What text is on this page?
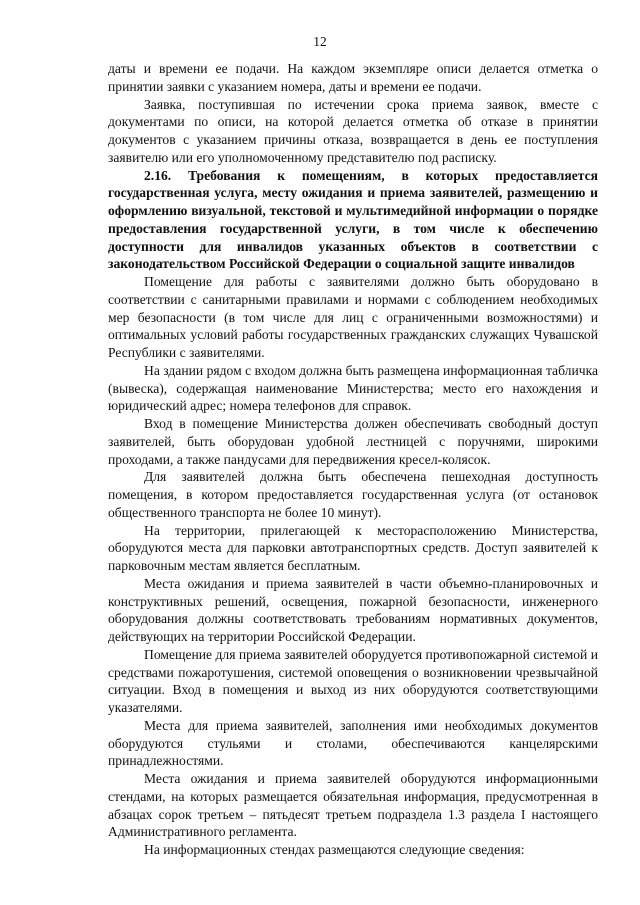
12

даты и времени ее подачи. На каждом экземпляре описи делается отметка о принятии заявки с указанием номера, даты и времени ее подачи.

Заявка, поступившая по истечении срока приема заявок, вместе с документами по описи, на которой делается отметка об отказе в принятии документов с указанием причины отказа, возвращается в день ее поступления заявителю или его уполномоченному представителю под расписку.

2.16. Требования к помещениям, в которых предоставляется государственная услуга, месту ожидания и приема заявителей, размещению и оформлению визуальной, текстовой и мультимедийной информации о порядке предоставления государственной услуги, в том числе к обеспечению доступности для инвалидов указанных объектов в соответствии с законодательством Российской Федерации о социальной защите инвалидов

Помещение для работы с заявителями должно быть оборудовано в соответствии с санитарными правилами и нормами с соблюдением необходимых мер безопасности (в том числе для лиц с ограниченными возможностями) и оптимальных условий работы государственных гражданских служащих Чувашской Республики с заявителями.

На здании рядом с входом должна быть размещена информационная табличка (вывеска), содержащая наименование Министерства; место его нахождения и юридический адрес; номера телефонов для справок.

Вход в помещение Министерства должен обеспечивать свободный доступ заявителей, быть оборудован удобной лестницей с поручнями, широкими проходами, а также пандусами для передвижения кресел-колясок.

Для заявителей должна быть обеспечена пешеходная доступность помещения, в котором предоставляется государственная услуга (от остановок общественного транспорта не более 10 минут).

На территории, прилегающей к месторасположению Министерства, оборудуются места для парковки автотранспортных средств. Доступ заявителей к парковочным местам является бесплатным.

Места ожидания и приема заявителей в части объемно-планировочных и конструктивных решений, освещения, пожарной безопасности, инженерного оборудования должны соответствовать требованиям нормативных документов, действующих на территории Российской Федерации.

Помещение для приема заявителей оборудуется противопожарной системой и средствами пожаротушения, системой оповещения о возникновении чрезвычайной ситуации. Вход в помещения и выход из них оборудуются соответствующими указателями.

Места для приема заявителей, заполнения ими необходимых документов оборудуются стульями и столами, обеспечиваются канцелярскими принадлежностями.

Места ожидания и приема заявителей оборудуются информационными стендами, на которых размещается обязательная информация, предусмотренная в абзацах сорок третьем – пятьдесят третьем подраздела 1.3 раздела I настоящего Административного регламента.

На информационных стендах размещаются следующие сведения:
